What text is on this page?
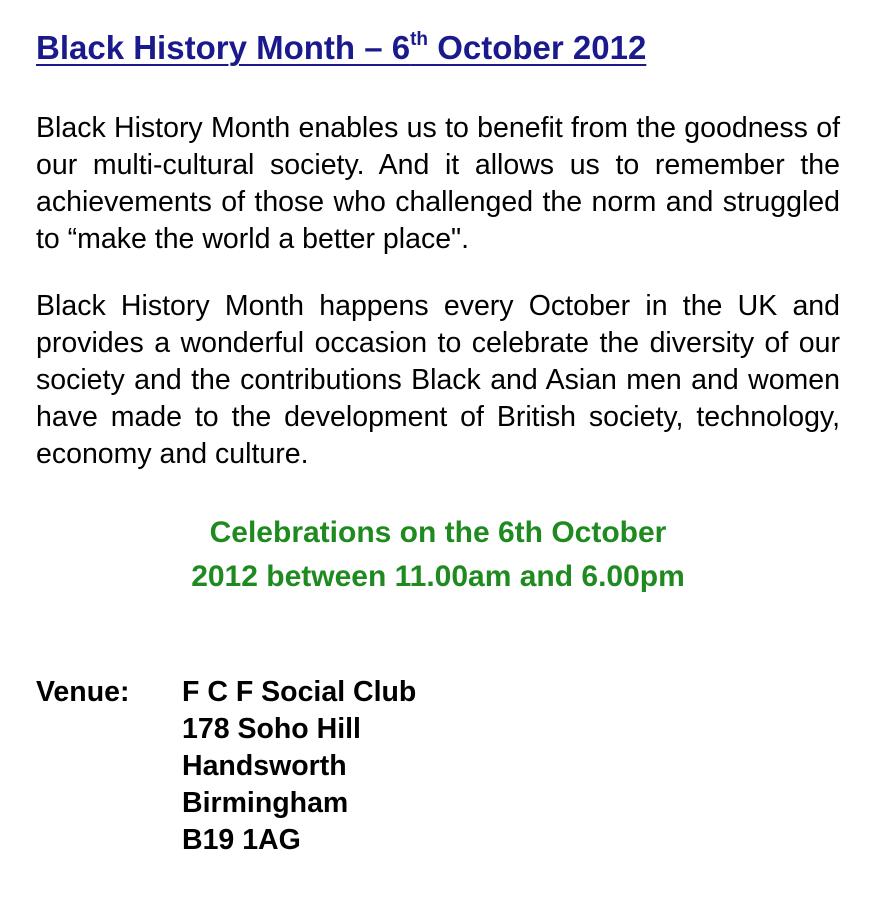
Black History Month – 6th October 2012

Black History Month enables us to benefit from the goodness of our multi-cultural society. And it allows us to remember the achievements of those who challenged the norm and struggled to “make the world a better place".

Black History Month happens every October in the UK and provides a wonderful occasion to celebrate the diversity of our society and the contributions Black and Asian men and women have made to the development of British society, technology, economy and culture.

Celebrations on the 6th October
2012 between 11.00am and 6.00pm
Venue:	F C F Social Club
178 Soho Hill
Handsworth
Birmingham
B19 1AG
